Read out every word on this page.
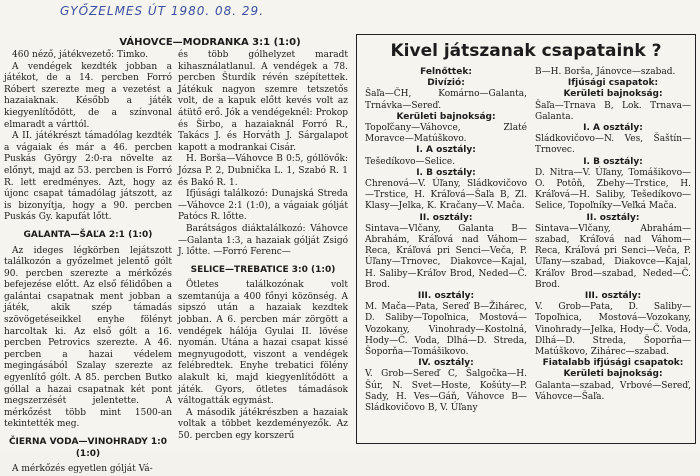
GYŐZELMES ÚT 1980. 08. 29.
VÁHOVCE—MODRANKA 3:1 (1:0)

460 néző, játékvezető: Timko.

A vendégek kezdték jobban a játékot, de a 14. percben Forró Róbert szerezte meg a vezetést a hazaiaknak. Később a játék kiegyenlítődött, de a színvonal elmaradt a várttól.

A II. játékrészt támadólag kezdték a vágaiak és már a 46. percben Puskás György 2:0-ra növelte az előnyt, majd az 53. percben is Forró R. lett eredményes. Azt, hogy az újonc csapat támadólag játszott, az is bizonyítja, hogy a 90. percben Puskás Gy. kapufát lőtt.

GALANTA—ŠAĽA 2:1 (1:0)

Az ideges légkörben lejátszott találkozón a győzelmet jelentő gólt 90. percben szerezte a mérkőzés befejezése előtt. Az első félidőben a galántai csapatnak ment jobban a játék, akik szép támadás szövögetéseikkel enyhe fölényt harcoltak ki. Az első gólt a 16. percben Petrovics szerezte. A 46. percben a hazai védelem megingásából Szalay szerezte az egyenlítő gólt. A 85. percben Butko góllal a hazai csapatnak két pont megszerzését jelentette. A mérkőzést több mint 1500-an tekintették meg.

ČIERNA VODA—VINOHRADY 1:0 (1:0)

A mérkőzés egyetlen gólját Vá-

és több gólhelyzet maradt kihasználatlanul. A vendégek a 78. percben Šturdík révén szépítettek. Játékuk nagyon szemre tetszetős volt, de a kapuk előtt kevés volt az átütő erő. Jók a vendégeknél: Prokop és Širbo, a hazaiaknál Forró R., Takács J. és Horváth J. Sárgalapot kapott a modrankai Cisár.

H. Borša—Váhovce B 0:5, góllövők: Józsa P. 2, Dubnička L. 1, Szabó R. 1 és Bakó R. 1.

Ifjúsági találkozó: Dunajská Streda—Váhovce 2:1 (1:0), a vágaiak gólját Patócs R. lőtte.

Barátságos diáktalálkozó: Váhovce—Galanta 1:3, a hazaiak gólját Zsigó J. lőtte. —Forró Ferenc—

SELICE—TREBATICE 3:0 (1:0)

Ötletes találkozónak volt szemtanúja a 400 főnyi közönség. A sipszó után a hazaiak kezdtek jobban. A 6. percben már zörgött a vendégek hálója Gyulai II. lövése nyomán. Utána a hazai csapat kissé megnyugodott, viszont a vendégek felébredtek. Enyhe trebatici fölény alakult ki, majd kiegyenlítődött a játék. Gyors, ötletes támadások váltogatták egymást.

A második játékrészben a hazaiak voltak a többet kezdeményezők. Az 50. percben egy korszerű

Kivel játszanak csapataink ?
Felnőttek:
Divízió:
Šaľa—ČH, Komárno—Galanta, Trnávka—Sereď.
Kerületi bajnokság:
Topoľčany—Váhovce, Zlaté Moravce—Matúškovo.
I. A osztály:
Tešedíkovo—Selice.
I. B osztály:
Chrenová—V. Úľany, Sládkovičovo—Trstice, H. Kráľová—Šaľa B, Zl. Klasy—Jelka, K. Kračany—V. Mača.
II. osztály:
Sintava—Vlčany, Galanta B—Abrahám, Kráľová nad Váhom—Reca, Kráľová pri Senci—Veča, P. Úľany—Trnovec, Diakovce—Kajal, H. Saliby—Kráľov Brod, Neded—Č. Brod.
III. osztály:
M. Mača—Pata, Sereď B—Žihárec, D. Saliby—Topoľnica, Mostová—Vozokany, Vinohrady—Kostolná, Hody—Č. Voda, Dlhá—D. Streda, Šoporňa—Tomášikovo.
IV. osztály:
V. Grob—Sereď C, Šalgočka—H. Šúr, N. Svet—Hoste, Košúty—P. Sady, H. Ves—Gáň, Váhovce B—Sládkovičovo B, V. Úľany
B—H. Borša, Jánovce—szabad.
Ifjúsági csapatok:
Kerületi bajnokság:
Šaľa—Trnava B, Lok. Trnava—Galanta.
I. A osztály:
Sládkovičovo—N. Ves, Šaštín—Trnovec.
I. B osztály:
D. Nitra—V. Úľany, Tomášikovo—O. Potôň, Zbehy—Trstice, H. Kráľová—H. Saliby, Tešedíkovo—Selice, Topoľníky—Veľká Mača.
II. osztály:
Sintava—Vlčany, Abrahám—szabad, Kráľová nad Váhom—Reca, Kráľová pri Senci—Veča, P. Úľany—szabad, Diakovce—Kajal, Kráľov Brod—szabad, Neded—Č. Brod.
III. osztály:
V. Grob—Pata, D. Saliby—Topoľnica, Mostová—Vozokany, Vinohrady—Jelka, Hody—Č. Voda, Dlhá—D. Streda, Šoporňa—Matúškovo, Zihárec—szabad.
Fiatalabb ifjúsági csapatok:
Kerületi bajnokság:
Galanta—szabad, Vrbové—Sereď, Váhovce—Šaľa.
